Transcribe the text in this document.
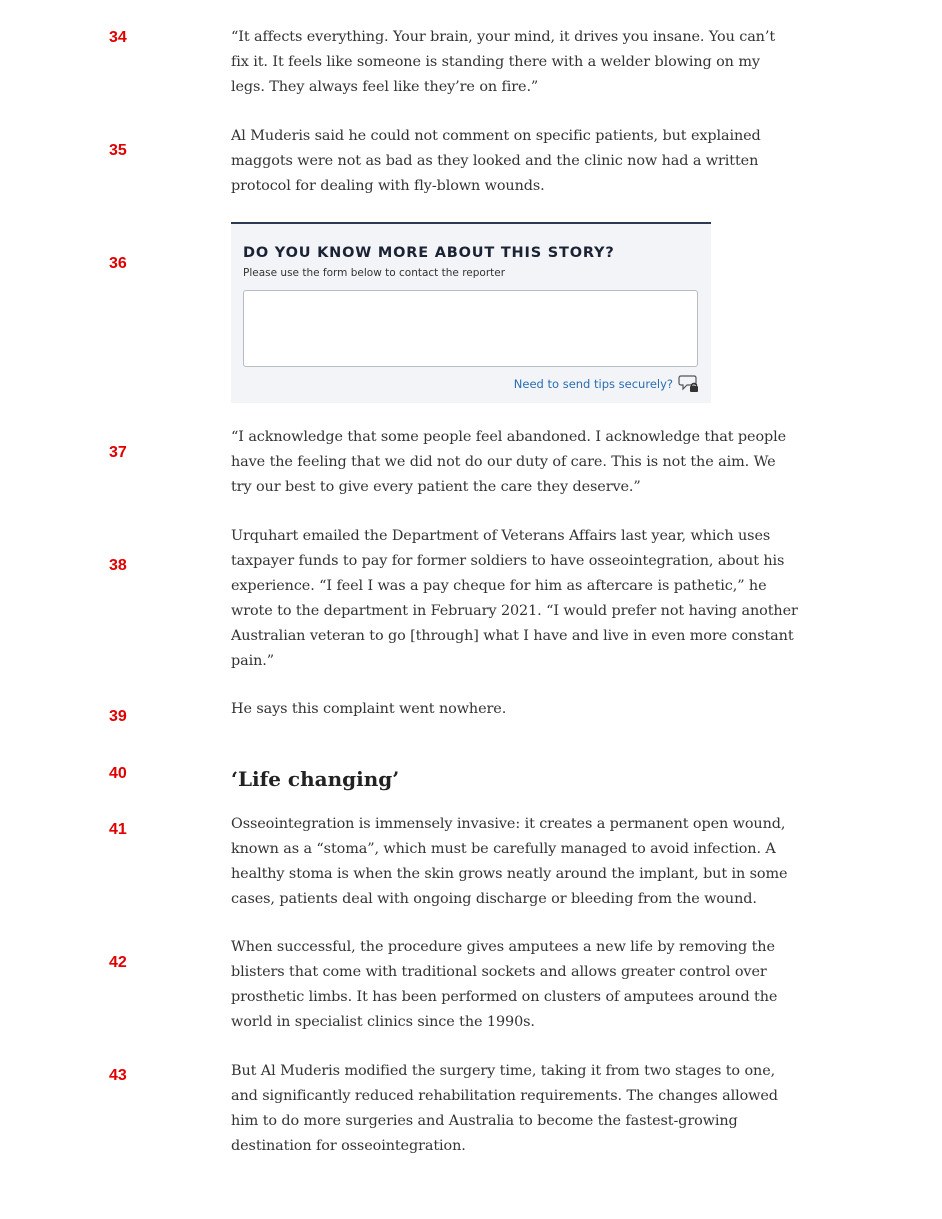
34
35
36
37
38
39
40
41
42
43

“It affects everything. Your brain, your mind, it drives you insane. You can’t
fix it. It feels like someone is standing there with a welder blowing on my
legs. They always feel like they’re on fire.”

Al Muderis said he could not comment on specific patients, but explained
maggots were not as bad as they looked and the clinic now had a written
protocol for dealing with fly-blown wounds.

DO YOU KNOW MORE ABOUT THIS STORY?
Please use the form below to contact the reporter
Need to send tips securely?

“I acknowledge that some people feel abandoned. I acknowledge that people
have the feeling that we did not do our duty of care. This is not the aim. We
try our best to give every patient the care they deserve.”

Urquhart emailed the Department of Veterans Affairs last year, which uses
taxpayer funds to pay for former soldiers to have osseointegration, about his
experience. “I feel I was a pay cheque for him as aftercare is pathetic,” he
wrote to the department in February 2021. “I would prefer not having another
Australian veteran to go [through] what I have and live in even more constant
pain.”

He says this complaint went nowhere.

‘Life changing’

Osseointegration is immensely invasive: it creates a permanent open wound,
known as a “stoma”, which must be carefully managed to avoid infection. A
healthy stoma is when the skin grows neatly around the implant, but in some
cases, patients deal with ongoing discharge or bleeding from the wound.

When successful, the procedure gives amputees a new life by removing the
blisters that come with traditional sockets and allows greater control over
prosthetic limbs. It has been performed on clusters of amputees around the
world in specialist clinics since the 1990s.

But Al Muderis modified the surgery time, taking it from two stages to one,
and significantly reduced rehabilitation requirements. The changes allowed
him to do more surgeries and Australia to become the fastest-growing
destination for osseointegration.
